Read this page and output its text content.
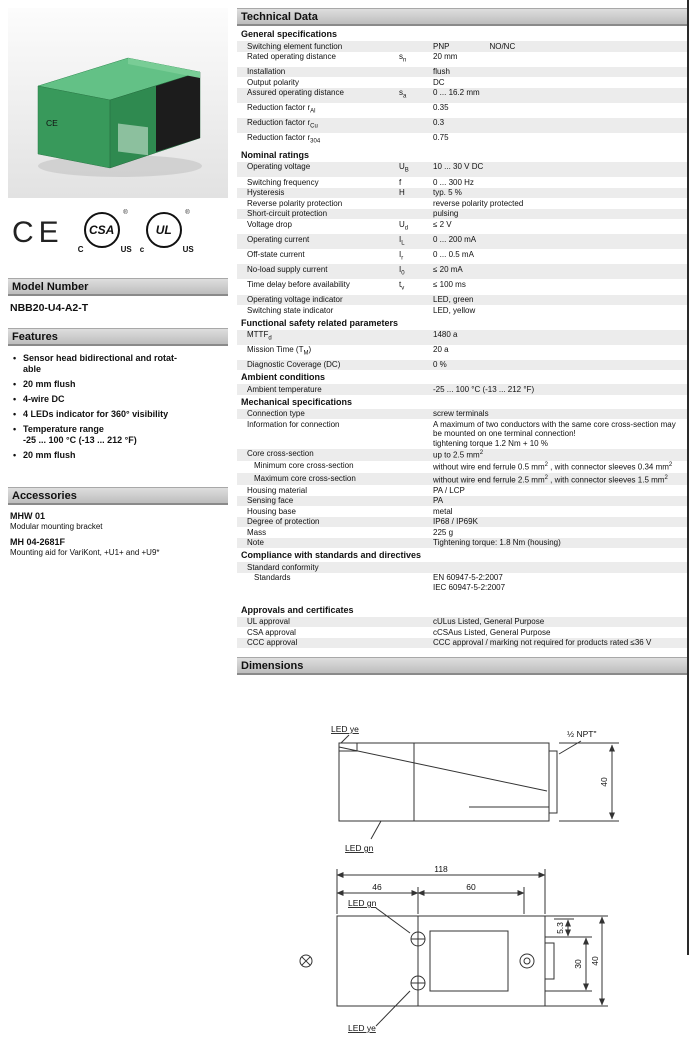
CE
CE CSA
®
C	US
UL
®
c	US
Model Number
NBB20-U4-A2-T
Features
• Sensor head bidirectional and rotat-
able
• 20 mm flush
• 4-wire DC
• 4 LEDs indicator for 360° visibility
• Temperature range
-25 ... 100 °C (-13 ... 212 °F)
• 20 mm flush
Accessories
MHW 01
Modular mounting bracket
MH 04-2681F
Mounting aid for VariKont, +U1+ and +U9*
Technical Data
General specifications
Switching element function	PNP	NO/NC
Rated operating distance	$s_n$	20 mm
Installation	flush
Output polarity	DC
Assured operating distance	$s_a$	0 ... 16.2 mm
Reduction factor $r_{Al}$	0.35
Reduction factor $r_{Cu}$	0.3
Reduction factor $r_{304}$	0.75
Nominal ratings
Operating voltage	$U_B$	10 ... 30 V DC
Switching frequency	f	0 ... 300 Hz
Hysteresis	H	typ. 5 %
Reverse polarity protection	reverse polarity protected
Short-circuit protection	pulsing
Voltage drop	$U_d$	≤ 2 V
Operating current	$I_L$	0 ... 200 mA
Off-state current	$I_r$	0 ... 0.5 mA
No-load supply current	$I_0$	≤ 20 mA
Time delay before availability	$t_v$	≤ 100 ms
Operating voltage indicator	LED, green
Switching state indicator	LED, yellow
Functional safety related parameters
$MTTF_d$	1480 a
Mission Time $(T_M)$	20 a
Diagnostic Coverage (DC)	0 %
Ambient conditions
Ambient temperature	-25 ... 100 °C (-13 ... 212 °F)
Mechanical specifications
Connection type	screw terminals
Information for connection	A maximum of two conductors with the same core cross-section may be mounted on one terminal connection!
tightening torque 1.2 Nm + 10 %
Core cross-section	up to 2.5 $mm^2$
Minimum core cross-section	without wire end ferrule 0.5 $mm^2$ , with connector sleeves 0.34 $mm^2$
Maximum core cross-section	without wire end ferrule 2.5 $mm^2$ , with connector sleeves 1.5 $mm^2$
Housing material	PA / LCP
Sensing face	PA
Housing base	metal
Degree of protection	IP68 / IP69K
Mass	225 g
Note	Tightening torque: 1.8 Nm (housing)
Compliance with standards and directives
Standard conformity
Standards	EN 60947-5-2:2007
IEC 60947-5-2:2007
Approvals and certificates
UL approval	cULus Listed, General Purpose
CSA approval	cCSAus Listed, General Purpose
CCC approval	CCC approval / marking not required for products rated ≤36 V
Dimensions
LED ye
LED gn
½ NPT"
40
118
46	60
5.3
30 40
LED gn
LED ye
